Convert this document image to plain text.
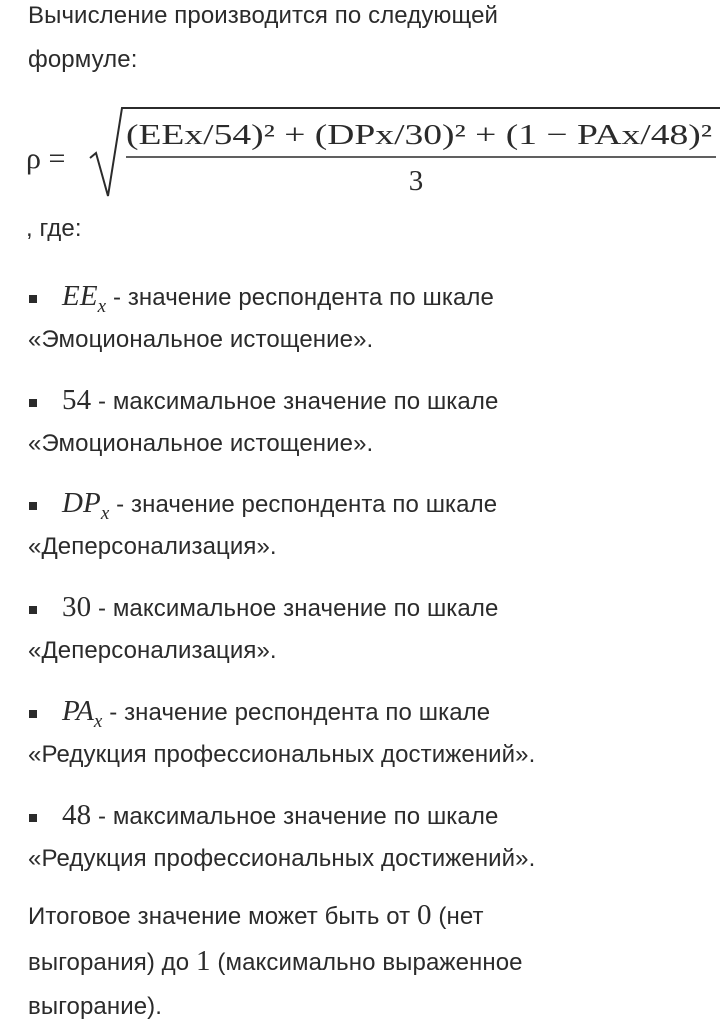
Вычисление производится по следующей
формуле:
ρ =
(EEx/54)² + (DPx/30)² + (1 − PAx/48)²
3
, где:
$EE_x$ - значение респондента по шкале
«Эмоциональное истощение».
54 - максимальное значение по шкале
«Эмоциональное истощение».
$DP_x$ - значение респондента по шкале
«Деперсонализация».
30 - максимальное значение по шкале
«Деперсонализация».
$PA_x$ - значение респондента по шкале
«Редукция профессиональных достижений».
48 - максимальное значение по шкале
«Редукция профессиональных достижений».
Итоговое значение может быть от 0 (нет
выгорания) до 1 (максимально выраженное
выгорание).
